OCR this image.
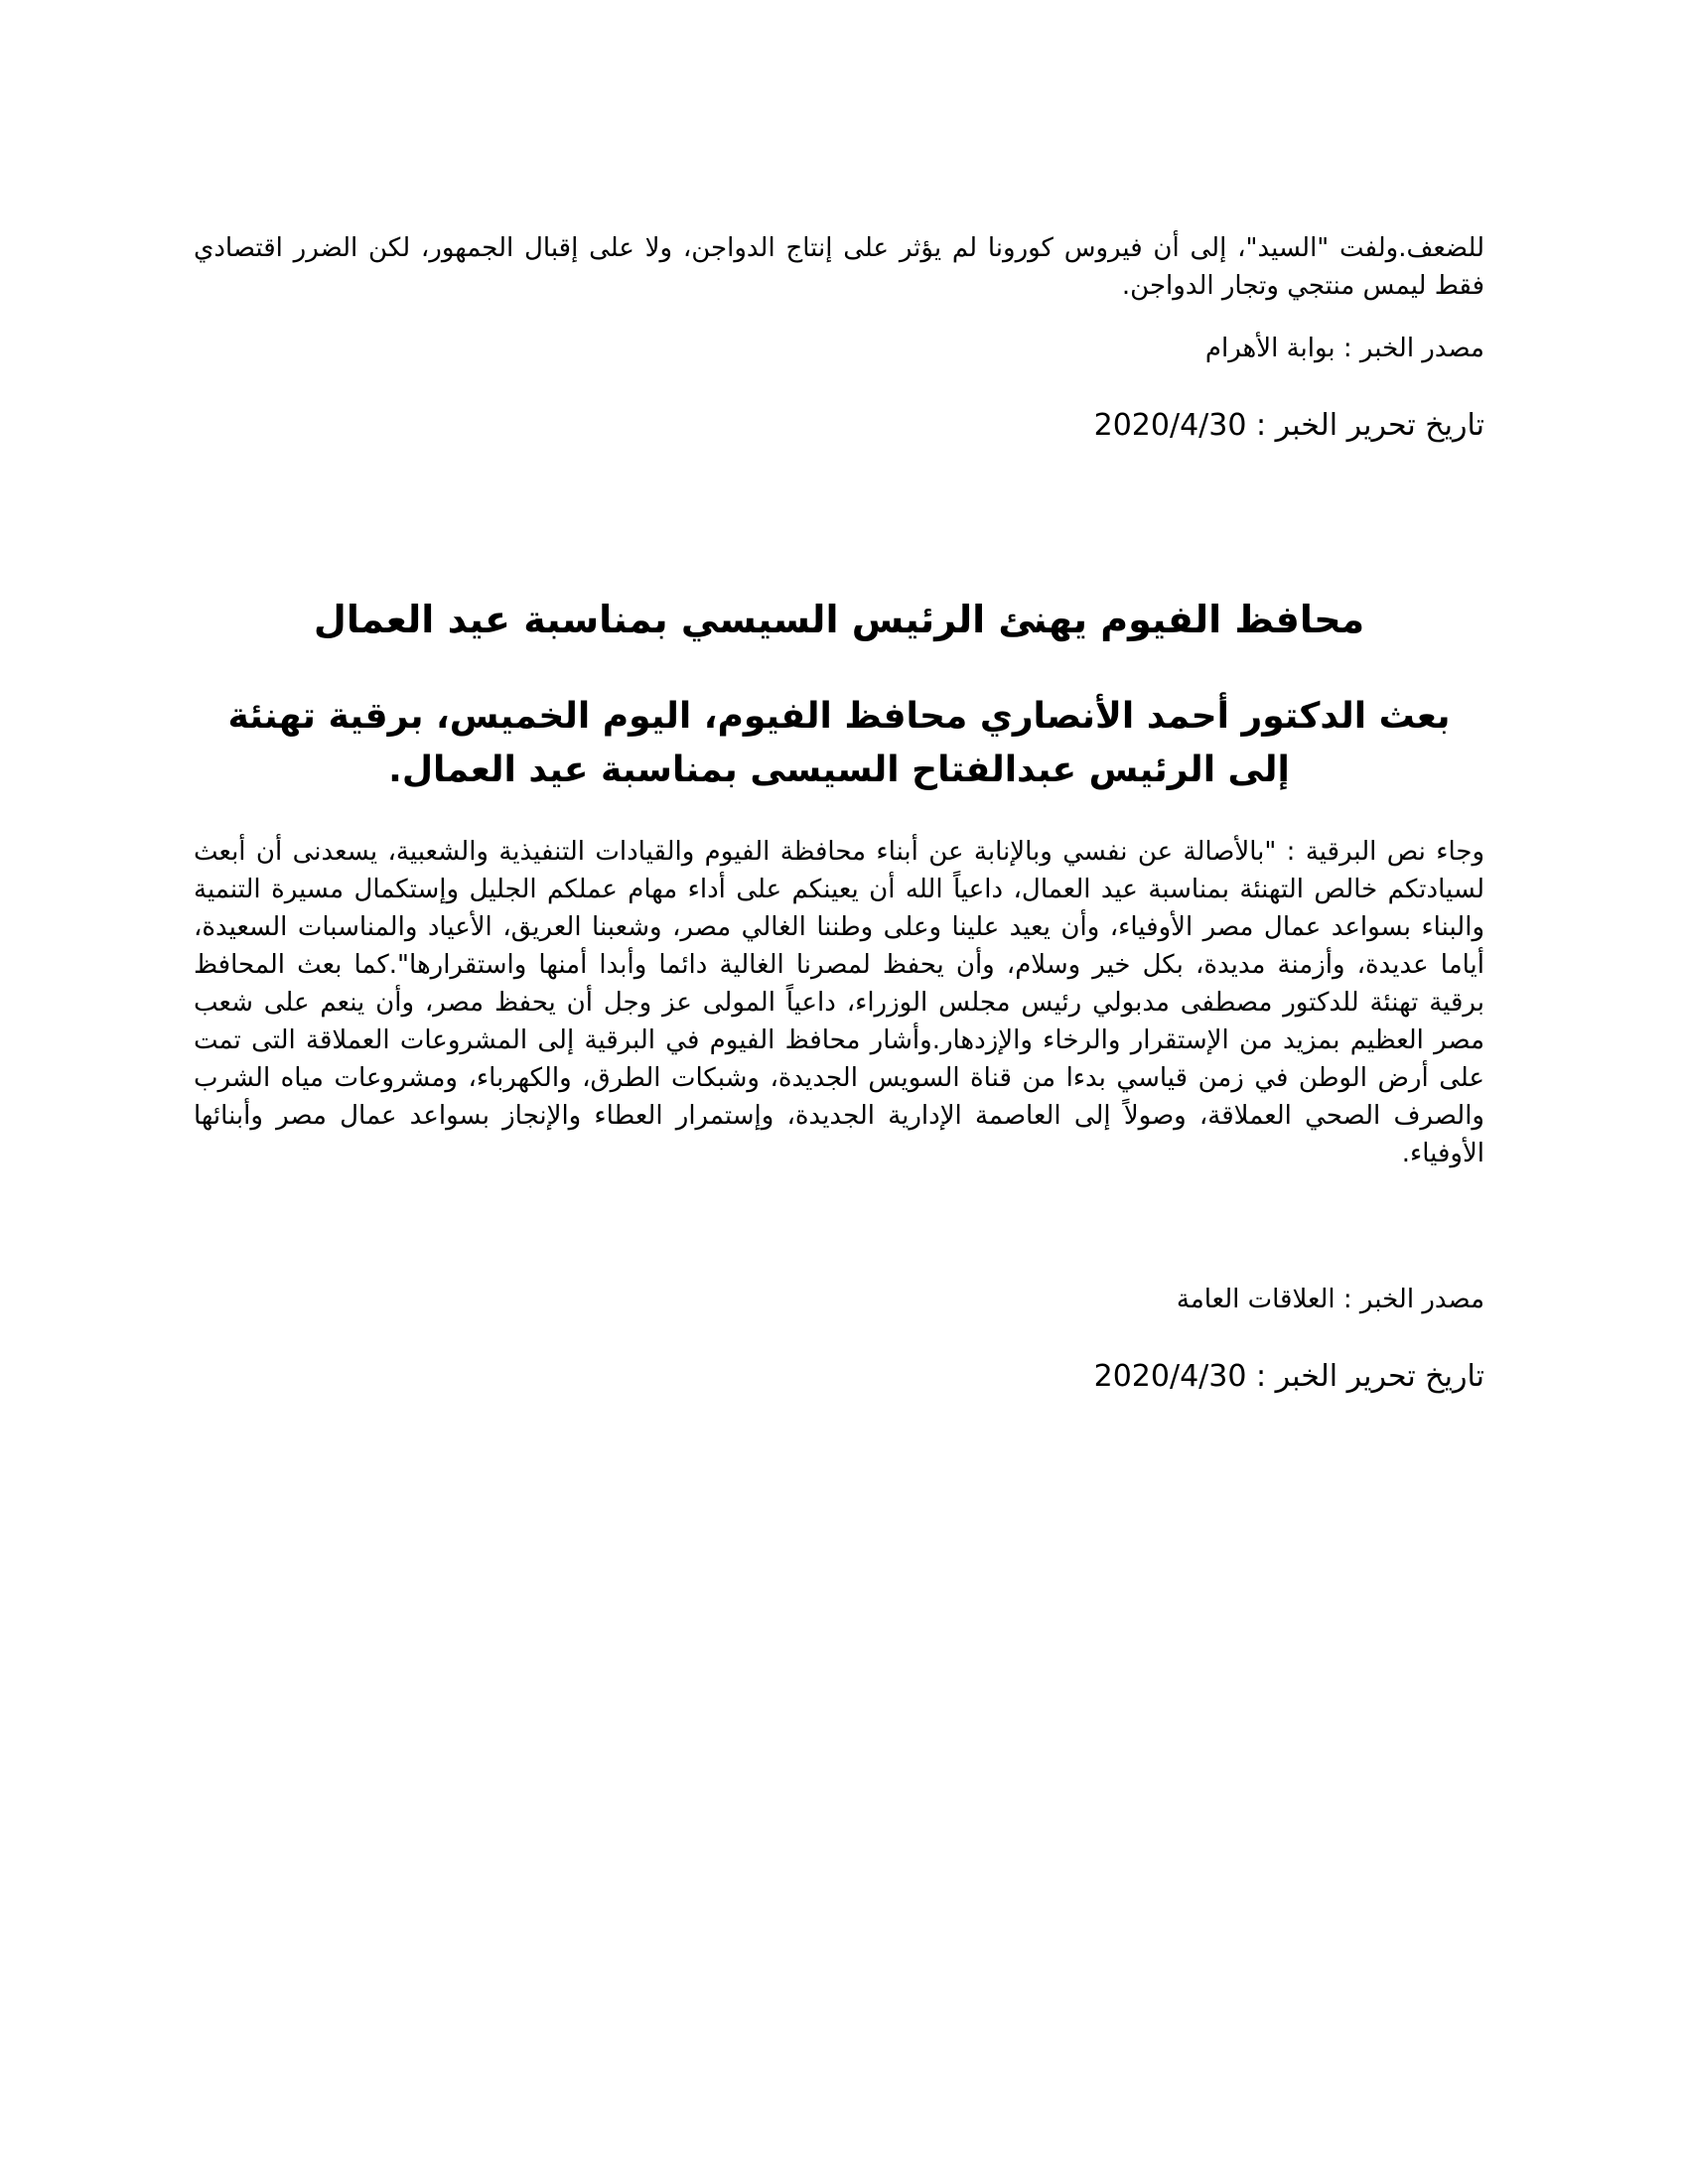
للضعف.ولفت "السيد"، إلى أن فيروس كورونا لم يؤثر على إنتاج الدواجن، ولا على إقبال الجمهور، لكن الضرر اقتصادي فقط ليمس منتجي وتجار الدواجن.

مصدر الخبر : بوابة الأهرام
تاريخ تحرير الخبر : 2020/4/30
محافظ الفيوم يهنئ الرئيس السيسي بمناسبة عيد العمال
بعث الدكتور أحمد الأنصاري محافظ الفيوم، اليوم الخميس، برقية تهنئة إلى الرئيس عبدالفتاح السيسى بمناسبة عيد العمال.

وجاء نص البرقية : "بالأصالة عن نفسي وبالإنابة عن أبناء محافظة الفيوم والقيادات التنفيذية والشعبية، يسعدنى أن أبعث لسيادتكم خالص التهنئة بمناسبة عيد العمال، داعياً الله أن يعينكم على أداء مهام عملكم الجليل وإستكمال مسيرة التنمية والبناء بسواعد عمال مصر الأوفياء، وأن يعيد علينا وعلى وطننا الغالي مصر، وشعبنا العريق، الأعياد والمناسبات السعيدة، أياما عديدة، وأزمنة مديدة، بكل خير وسلام، وأن يحفظ لمصرنا الغالية دائما وأبدا أمنها واستقرارها".كما بعث المحافظ برقية تهنئة للدكتور مصطفى مدبولي رئيس مجلس الوزراء، داعياً المولى عز وجل أن يحفظ مصر، وأن ينعم على شعب مصر العظيم بمزيد من الإستقرار والرخاء والإزدهار.وأشار محافظ الفيوم في البرقية إلى المشروعات العملاقة التى تمت على أرض الوطن في زمن قياسي بدءا من قناة السويس الجديدة، وشبكات الطرق، والكهرباء، ومشروعات مياه الشرب والصرف الصحي العملاقة، وصولاً إلى العاصمة الإدارية الجديدة، وإستمرار العطاء والإنجاز بسواعد عمال مصر وأبنائها الأوفياء.

مصدر الخبر : العلاقات العامة
تاريخ تحرير الخبر : 2020/4/30
